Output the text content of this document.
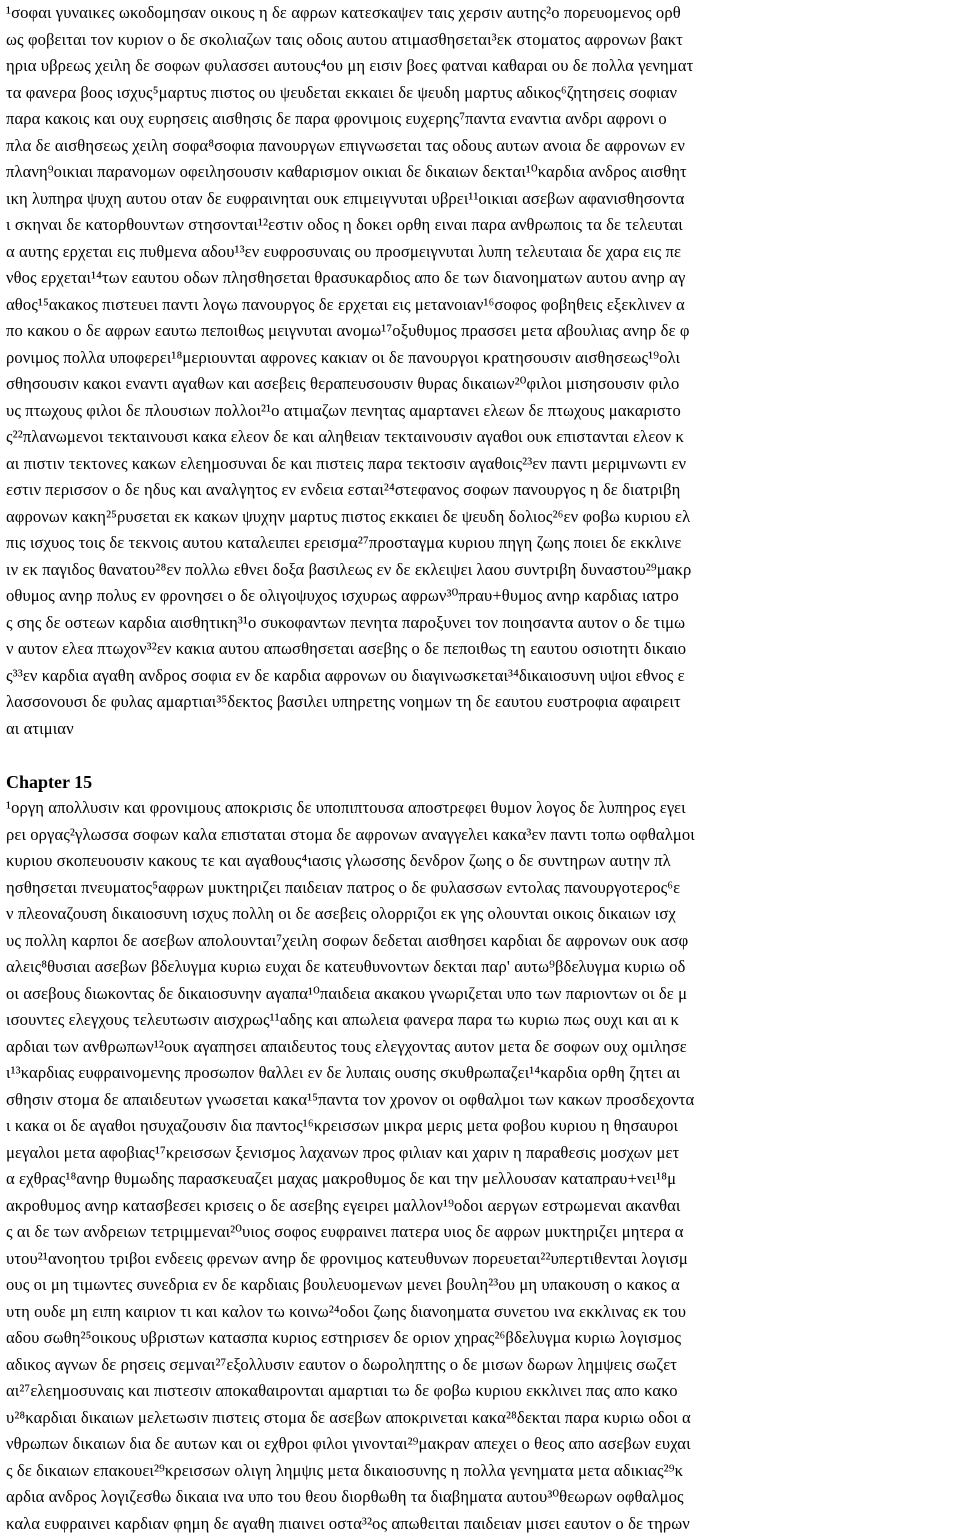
¹σοφαι γυναικες ωκοδομησαν οικους η δε αφρων κατεσκαψεν ταις χερσιν αυτης²ο πορευομενος ορθ
ως φοβειται τον κυριον ο δε σκολιαζων ταις οδοις αυτου ατιμασθησεται³εκ στοματος αφρονων βακτ
ηρια υβρεως χειλη δε σοφων φυλασσει αυτους⁴ου μη εισιν βοες φατναι καθαραι ου δε πολλα γενηματ
τα φανερα βοος ισχυς⁵μαρτυς πιστος ου ψευδεται εκκαιει δε ψευδη μαρτυς αδικος⁶ζητησεις σοφιαν
παρα κακοις και ουχ ευρησεις αισθησις δε παρα φρονιμοις ευχερης⁷παντα εναντια ανδρι αφρονι ο
πλα δε αισθησεως χειλη σοφα⁸σοφια πανουργων επιγνωσεται τας οδους αυτων ανοια δε αφρονων εν
πλανη⁹οικιαι παρανομων οφειλησουσιν καθαρισμον οικιαι δε δικαιων δεκται¹⁰καρδια ανδρος αισθητ
ικη λυπηρα ψυχη αυτου οταν δε ευφραινηται ουκ επιμειγνυται υβρει¹¹οικιαι ασεβων αφανισθησοντα
ι σκηναι δε κατορθουντων στησονται¹²εστιν οδος η δοκει ορθη ειναι παρα ανθρωποις τα δε τελευται
α αυτης ερχεται εις πυθμενα αδου¹³εν ευφροσυναις ου προσμειγνυται λυπη τελευταια δε χαρα εις πε
νθος ερχεται¹⁴των εαυτου οδων πλησθησεται θρασυκαρδιος απο δε των διανοηματων αυτου ανηρ αγ
αθος¹⁵ακακος πιστευει παντι λογω πανουργος δε ερχεται εις μετανοιαν¹⁶σοφος φοβηθεις εξεκλινεν α
πο κακου ο δε αφρων εαυτω πεποιθως μειγνυται ανομω¹⁷οξυθυμος πρασσει μετα αβουλιας ανηρ δε φ
ρονιμος πολλα υποφερει¹⁸μεριουνται αφρονες κακιαν οι δε πανουργοι κρατησουσιν αισθησεως¹⁹ολι
σθησουσιν κακοι εναντι αγαθων και ασεβεις θεραπευσουσιν θυρας δικαιων²⁰φιλοι μισησουσιν φιλο
υς πτωχους φιλοι δε πλουσιων πολλοι²¹ο ατιμαζων πενητας αμαρτανει ελεων δε πτωχους μακαριστο
ς²²πλανωμενοι τεκταινουσι κακα ελεον δε και αληθειαν τεκταινουσιν αγαθοι ουκ επιστανται ελεον κ
αι πιστιν τεκτονες κακων ελεημοσυναι δε και πιστεις παρα τεκτοσιν αγαθοις²³εν παντι μεριμνωντι εν
εστιν περισσον ο δε ηδυς και αναλγητος εν ενδεια εσται²⁴στεφανος σοφων πανουργος η δε διατριβη
αφρονων κακη²⁵ρυσεται εκ κακων ψυχην μαρτυς πιστος εκκαιει δε ψευδη δολιος²⁶εν φοβω κυριου ελ
πις ισχυος τοις δε τεκνοις αυτου καταλειπει ερεισμα²⁷προσταγμα κυριου πηγη ζωης ποιει δε εκκλινε
ιν εκ παγιδος θανατου²⁸εν πολλω εθνει δοξα βασιλεως εν δε εκλειψει λαου συντριβη δυναστου²⁹μακρ
οθυμος ανηρ πολυς εν φρονησει ο δε ολιγοψυχος ισχυρως αφρων³⁰πραυ+θυμος ανηρ καρδιας ιατρο
ς σης δε οστεων καρδια αισθητικη³¹ο συκοφαντων πενητα παροξυνει τον ποιησαντα αυτον ο δε τιμω
ν αυτον ελεα πτωχον³²εν κακια αυτου απωσθησεται ασεβης ο δε πεποιθως τη εαυτου οσιοτητι δικαιο
ς³³εν καρδια αγαθη ανδρος σοφια εν δε καρδια αφρονων ου διαγινωσκεται³⁴δικαιοσυνη υψοι εθνος ε
λασσονουσι δε φυλας αμαρτιαι³⁵δεκτος βασιλει υπηρετης νοημων τη δε εαυτου ευστροφια αφαιρειτ
αι ατιμιαν
Chapter 15
¹οργη απολλυσιν και φρονιμους αποκρισις δε υποπιπτουσα αποστρεφει θυμον λογος δε λυπηρος εγει
ρει οργας²γλωσσα σοφων καλα επισταται στομα δε αφρονων αναγγελει κακα³εν παντι τοπω οφθαλμοι
κυριου σκοπευουσιν κακους τε και αγαθους⁴ιασις γλωσσης δενδρον ζωης ο δε συντηρων αυτην πλ
ησθησεται πνευματος⁵αφρων μυκτηριζει παιδειαν πατρος ο δε φυλασσων εντολας πανουργοτερος⁶ε
ν πλεοναζουση δικαιοσυνη ισχυς πολλη οι δε ασεβεις ολορριζοι εκ γης ολουνται οικοις δικαιων ισχ
υς πολλη καρποι δε ασεβων απολουνται⁷χειλη σοφων δεδεται αισθησει καρδιαι δε αφρονων ουκ ασφ
αλεις⁸θυσιαι ασεβων βδελυγμα κυριω ευχαι δε κατευθυνοντων δεκται παρ' αυτω⁹βδελυγμα κυριω οδ
οι ασεβους διωκοντας δε δικαιοσυνην αγαπα¹⁰παιδεια ακακου γνωριζεται υπο των παριοντων οι δε μ
ισουντες ελεγχους τελευτωσιν αισχρως¹¹αδης και απωλεια φανερα παρα τω κυριω πως ουχι και αι κ
αρδιαι των ανθρωπων¹²ουκ αγαπησει απαιδευτος τους ελεγχοντας αυτον μετα δε σοφων ουχ ομιλησε
ι¹³καρδιας ευφραινομενης προσωπον θαλλει εν δε λυπαις ουσης σκυθρωπαζει¹⁴καρδια ορθη ζητει αι
σθησιν στομα δε απαιδευτων γνωσεται κακα¹⁵παντα τον χρονον οι οφθαλμοι των κακων προσδεχοντα
ι κακα οι δε αγαθοι ησυχαζουσιν δια παντος¹⁶κρεισσων μικρα μερις μετα φοβου κυριου η θησαυροι
μεγαλοι μετα αφοβιας¹⁷κρεισσων ξενισμος λαχανων προς φιλιαν και χαριν η παραθεσις μοσχων μετ
α εχθρας¹⁸ανηρ θυμωδης παρασκευαζει μαχας μακροθυμος δε και την μελλουσαν καταπραυ+νει¹⁸μ
ακροθυμος ανηρ κατασβεσει κρισεις ο δε ασεβης εγειρει μαλλον¹⁹οδοι αεργων εστρωμεναι ακανθαι
ς αι δε των ανδρειων τετριμμεναι²⁰υιος σοφος ευφραινει πατερα υιος δε αφρων μυκτηριζει μητερα α
υτου²¹ανοητου τριβοι ενδεεις φρενων ανηρ δε φρονιμος κατευθυνων πορευεται²²υπερτιθενται λογισμ
ους οι μη τιμωντες συνεδρια εν δε καρδιαις βουλευομενων μενει βουλη²³ου μη υπακουση ο κακος α
υτη ουδε μη ειπη καιριον τι και καλον τω κοινω²⁴οδοι ζωης διανοηματα συνετου ινα εκκλινας εκ του
αδου σωθη²⁵οικους υβριστων κατασπα κυριος εστηρισεν δε οριον χηρας²⁶βδελυγμα κυριω λογισμος
αδικος αγνων δε ρησεις σεμναι²⁷εξολλυσιν εαυτον ο δωροληπτης ο δε μισων δωρων λημψεις σωζετ
αι²⁷ελεημοσυναις και πιστεσιν αποκαθαιρονται αμαρτιαι τω δε φοβω κυριου εκκλινει πας απο κακο
υ²⁸καρδιαι δικαιων μελετωσιν πιστεις στομα δε ασεβων αποκρινεται κακα²⁸δεκται παρα κυριω οδοι α
νθρωπων δικαιων δια δε αυτων και οι εχθροι φιλοι γινονται²⁹μακραν απεχει ο θεος απο ασεβων ευχαι
ς δε δικαιων επακουει²⁹κρεισσων ολιγη λημψις μετα δικαιοσυνης η πολλα γενηματα μετα αδικιας²⁹κ
αρδια ανδρος λογιζεσθω δικαια ινα υπο του θεου διορθωθη τα διαβηματα αυτου³⁰θεωρων οφθαλμος
καλα ευφραινει καρδιαν φημη δε αγαθη πιαινει οστα³²ος απωθειται παιδειαν μισει εαυτον ο δε τηρων
